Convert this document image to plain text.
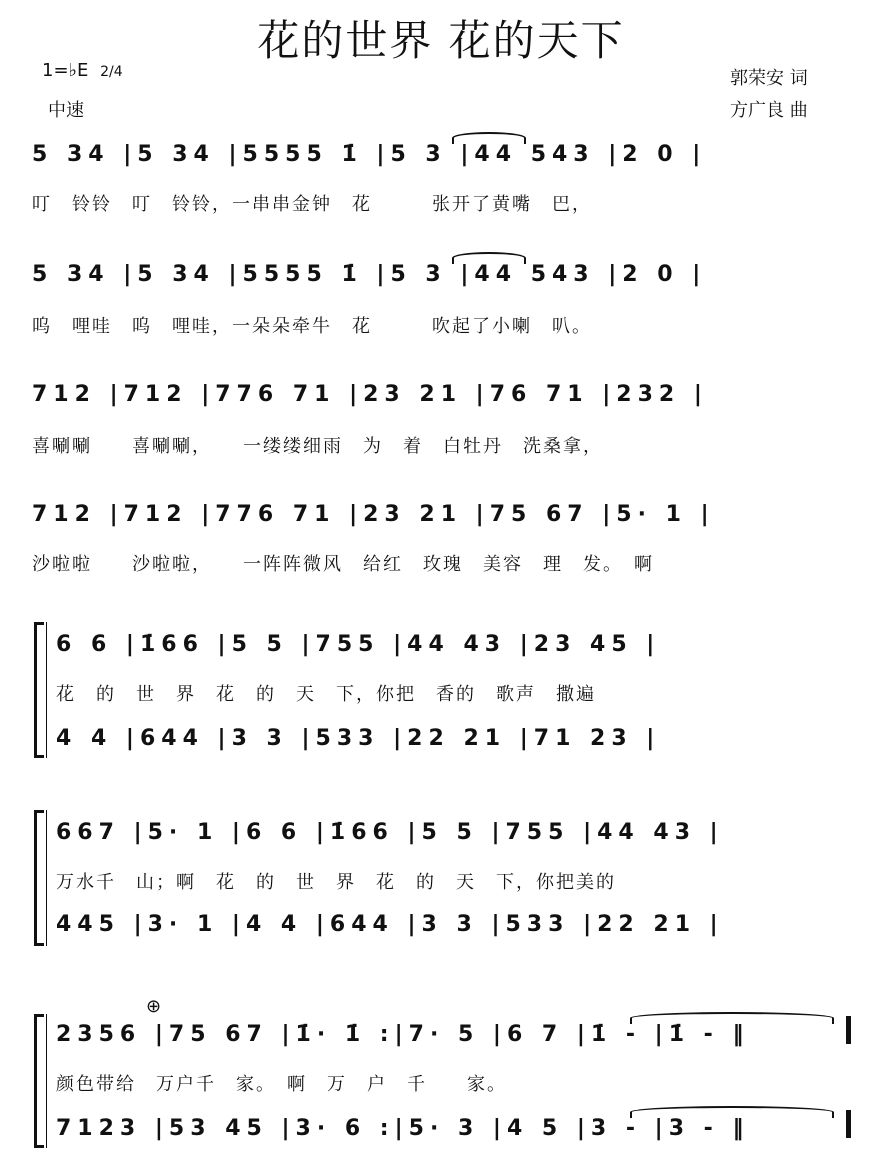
花的世界 花的天下
1=♭E 2/4
中速
郭荣安 词
方广良 曲
5 34 |5 34 |5555 1̇ |5 3 |44 543 |2 0 |
叮　铃铃　叮　铃铃，一串串金钟　花　　　张开了黄嘴　巴，
5 34 |5 34 |5555 1̇ |5 3 |44 543 |2 0 |
呜　哩哇　呜　哩哇，一朵朵牵牛　花　　　吹起了小喇　叭。
712 |712 |776 71 |23 21 |76 71 |232 |
喜唰唰　　喜唰唰，　　一缕缕细雨　为　着　白牡丹　洗桑拿，
712 |712 |776 71 |23 21 |75 67 |5· 1 |
沙啦啦　　沙啦啦，　　一阵阵微风　给红　玫瑰　美容　理　发。　啊
6 6 |1̇66 |5 5 |755 |44 43 |23 45 |
花　的　世　界　花　的　天　下，你把　香的　歌声　撒遍
4 4 |644 |3 3 |533 |22 21 |71 23 |
667 |5· 1 |6 6 |1̇66 |5 5 |755 |44 43 |
万水千　山；啊　花　的　世　界　花　的　天　下，你把美的
445 |3· 1 |4 4 |644 |3 3 |533 |22 21 |
⊕
2356 |75 67 |1̇· 1̇ :|7· 5 |6 7 |1̇ - |1̇ - ‖
颜色带给　万户千　家。　啊　万　户　千　　家。
7123 |53 45 |3· 6 :|5· 3 |4 5 |3 - |3 - ‖
